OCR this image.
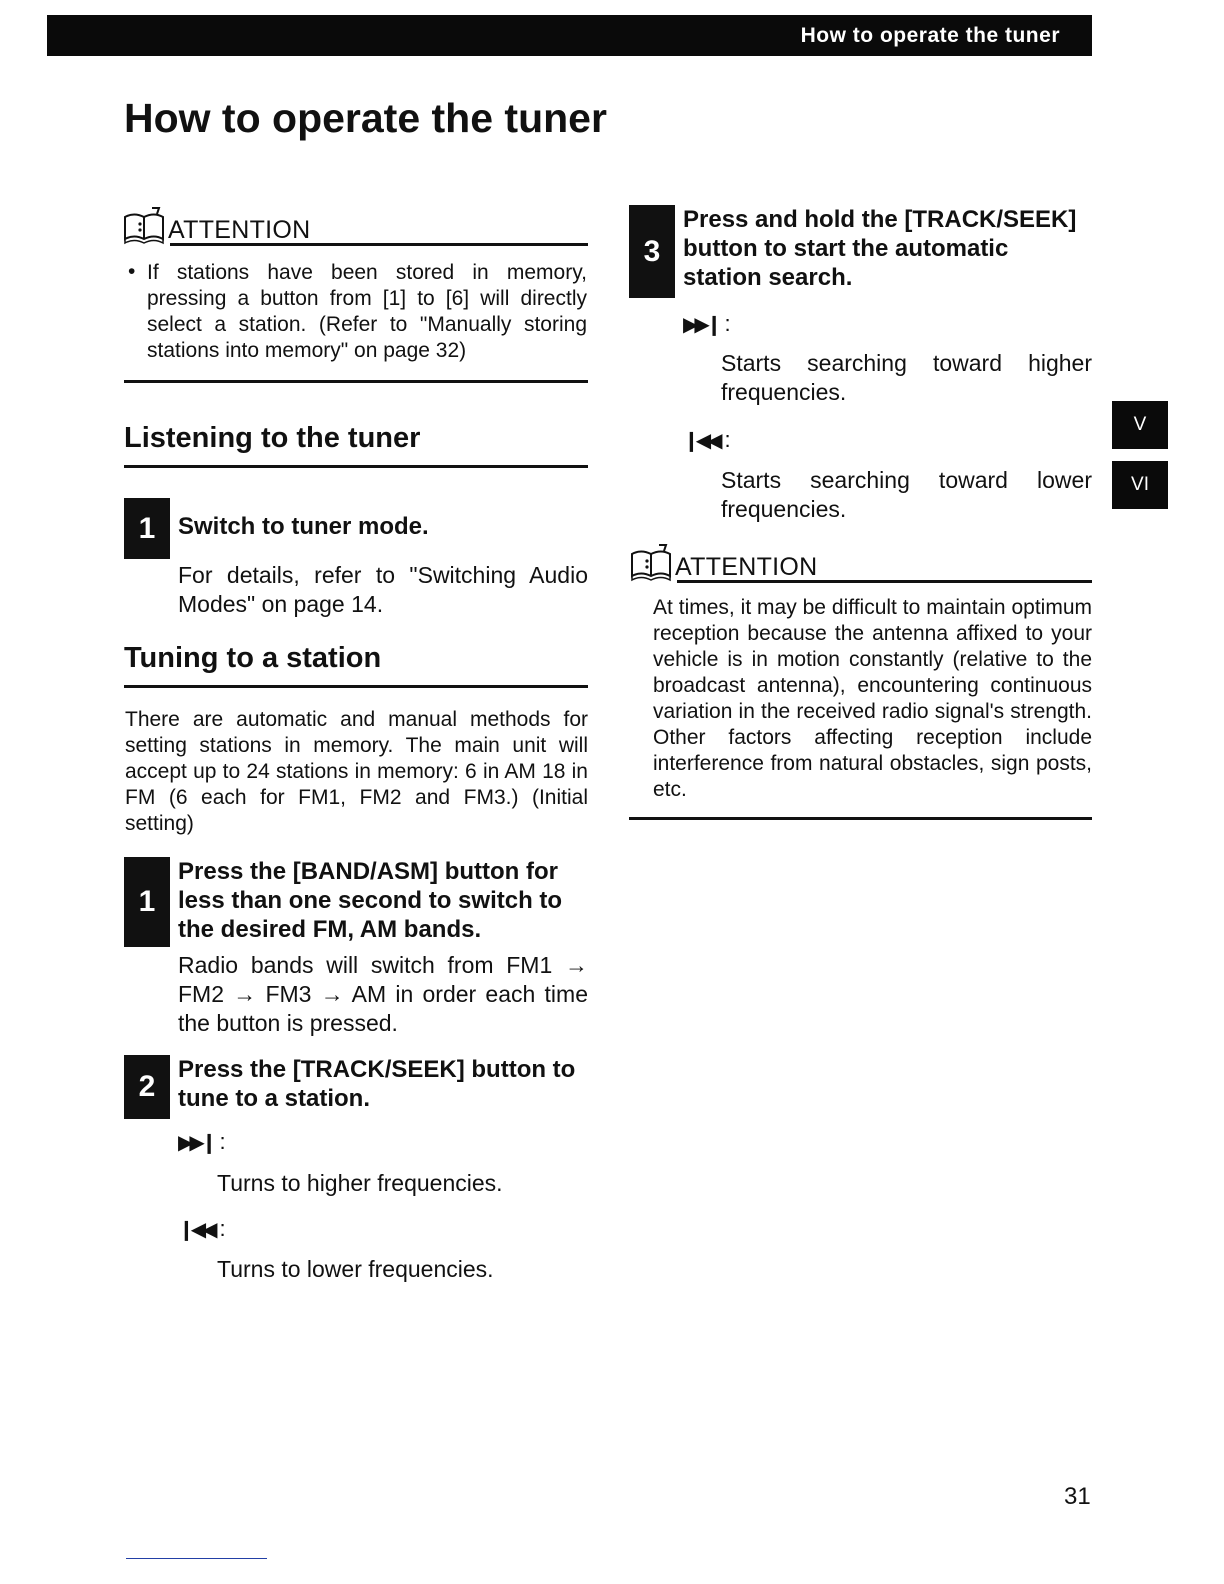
How to operate the tuner
How to operate the tuner
ATTENTION
• If stations have been stored in memory, pressing a button from [1] to [6] will directly select a station. (Refer to "Manually storing stations into memory" on page 32)
Listening to the tuner
1 Switch to tuner mode.
For details, refer to "Switching Audio Modes" on page 14.
Tuning to a station
There are automatic and manual methods for setting stations in memory. The main unit will accept up to 24 stations in memory: 6 in AM 18 in FM (6 each for FM1, FM2 and FM3.) (Initial setting)
1
Press the [BAND/ASM] button for less than one second to switch to the desired FM, AM bands.
Radio bands will switch from FM1 → FM2 → FM3 → AM in order each time the button is pressed.
2
Press the [TRACK/SEEK] button to tune to a station.
▶▶❙ :
Turns to higher frequencies.
❙◀◀ :
Turns to lower frequencies.
3
Press and hold the [TRACK/SEEK] button to start the automatic station search.
▶▶❙ :
Starts searching toward higher frequencies.
❙◀◀ :
Starts searching toward lower frequencies.
ATTENTION
At times, it may be difficult to maintain optimum reception because the antenna affixed to your vehicle is in motion constantly (relative to the broadcast antenna), encountering continuous variation in the received radio signal's strength. Other factors affecting reception include interference from natural obstacles, sign posts, etc.
V
VI
31
